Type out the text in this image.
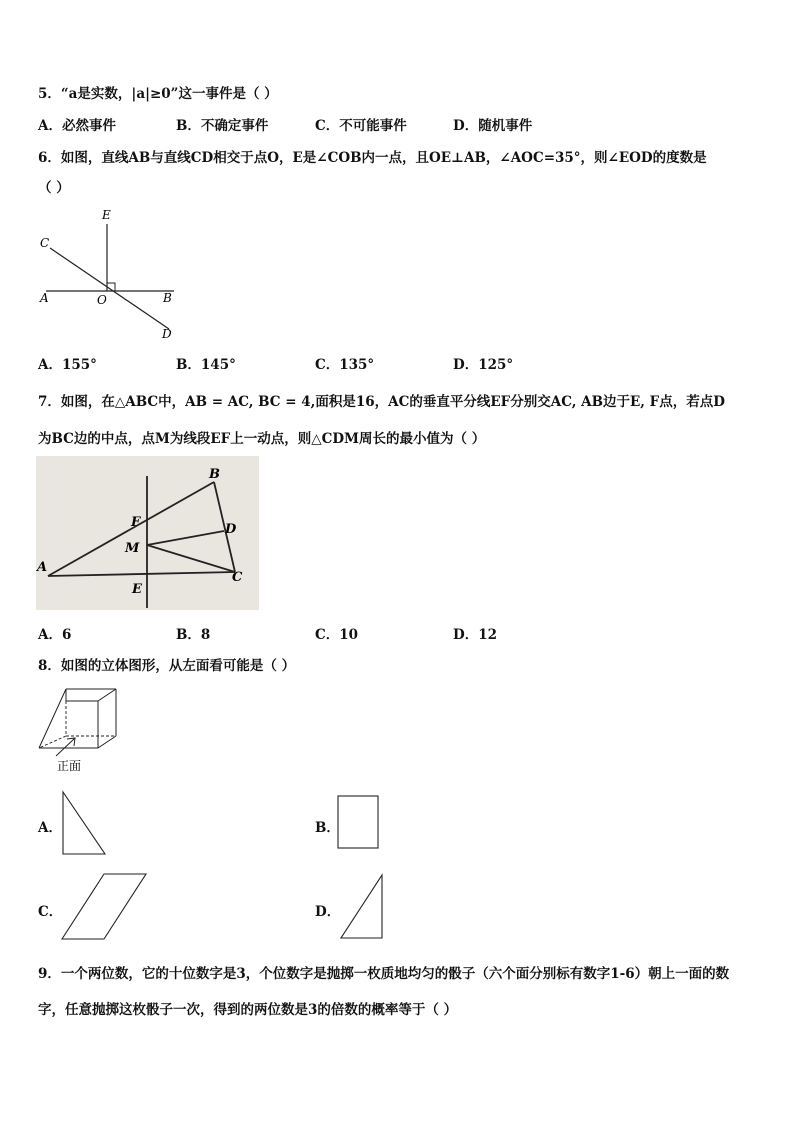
5．“a是实数，|a|≥0”这一事件是（ ）
A．必然事件	B．不确定事件	C．不可能事件	D．随机事件
6．如图，直线AB与直线CD相交于点O，E是∠COB内一点，且OE⊥AB，∠AOC=35°，则∠EOD的度数是
（ ）
E
C
A	O	B
D
A．155°	B．145°	C．135°	D．125°
7．如图，在△ABC中，AB = AC, BC = 4,面积是16，AC的垂直平分线EF分别交AC, AB边于E, F点，若点D
为BC边的中点，点M为线段EF上一动点，则△CDM周长的最小值为（ ）
B
F	D
M
A
C
E
A．6	B．8	C．10	D．12
8．如图的立体图形，从左面看可能是（ ）
正面
A．	B．
C．	D．
9．一个两位数，它的十位数字是3，个位数字是抛掷一枚质地均匀的骰子（六个面分别标有数字1-6）朝上一面的数
字，任意抛掷这枚骰子一次，得到的两位数是3的倍数的概率等于（ ）
